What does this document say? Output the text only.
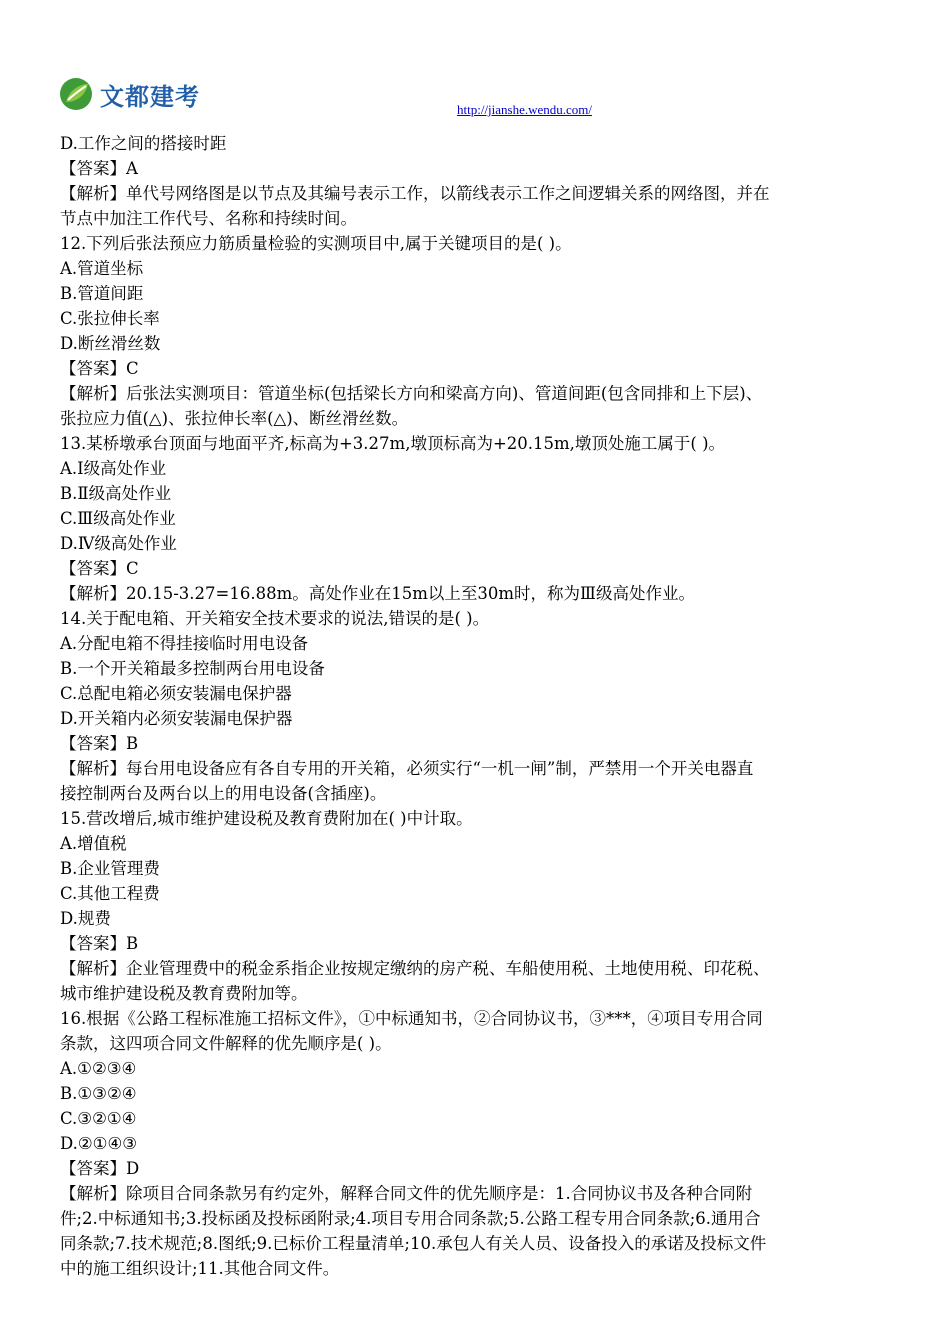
文都建考	http://jianshe.wendu.com/

D.工作之间的搭接时距

【答案】A

【解析】单代号网络图是以节点及其编号表示工作，以箭线表示工作之间逻辑关系的网络图，并在

节点中加注工作代号、名称和持续时间。

12.下列后张法预应力筋质量检验的实测项目中,属于关键项目的是( )。

A.管道坐标

B.管道间距

C.张拉伸长率

D.断丝滑丝数

【答案】C

【解析】后张法实测项目：管道坐标(包括梁长方向和梁高方向)、管道间距(包含同排和上下层)、

张拉应力值(△)、张拉伸长率(△)、断丝滑丝数。

13.某桥墩承台顶面与地面平齐,标高为+3.27m,墩顶标高为+20.15m,墩顶处施工属于( )。

A.Ⅰ级高处作业

B.Ⅱ级高处作业

C.Ⅲ级高处作业

D.Ⅳ级高处作业

【答案】C

【解析】20.15-3.27=16.88m。高处作业在15m以上至30m时，称为Ⅲ级高处作业。

14.关于配电箱、开关箱安全技术要求的说法,错误的是( )。

A.分配电箱不得挂接临时用电设备

B.一个开关箱最多控制两台用电设备

C.总配电箱必须安装漏电保护器

D.开关箱内必须安装漏电保护器

【答案】B

【解析】每台用电设备应有各自专用的开关箱，必须实行“一机一闸”制，严禁用一个开关电器直

接控制两台及两台以上的用电设备(含插座)。

15.营改增后,城市维护建设税及教育费附加在( )中计取。

A.增值税

B.企业管理费

C.其他工程费

D.规费

【答案】B

【解析】企业管理费中的税金系指企业按规定缴纳的房产税、车船使用税、土地使用税、印花税、

城市维护建设税及教育费附加等。

16.根据《公路工程标准施工招标文件》，①中标通知书，②合同协议书，③***，④项目专用合同

条款，这四项合同文件解释的优先顺序是( )。

A.①②③④

B.①③②④

C.③②①④

D.②①④③

【答案】D

【解析】除项目合同条款另有约定外，解释合同文件的优先顺序是：1.合同协议书及各种合同附

件;2.中标通知书;3.投标函及投标函附录;4.项目专用合同条款;5.公路工程专用合同条款;6.通用合

同条款;7.技术规范;8.图纸;9.已标价工程量清单;10.承包人有关人员、设备投入的承诺及投标文件

中的施工组织设计;11.其他合同文件。
